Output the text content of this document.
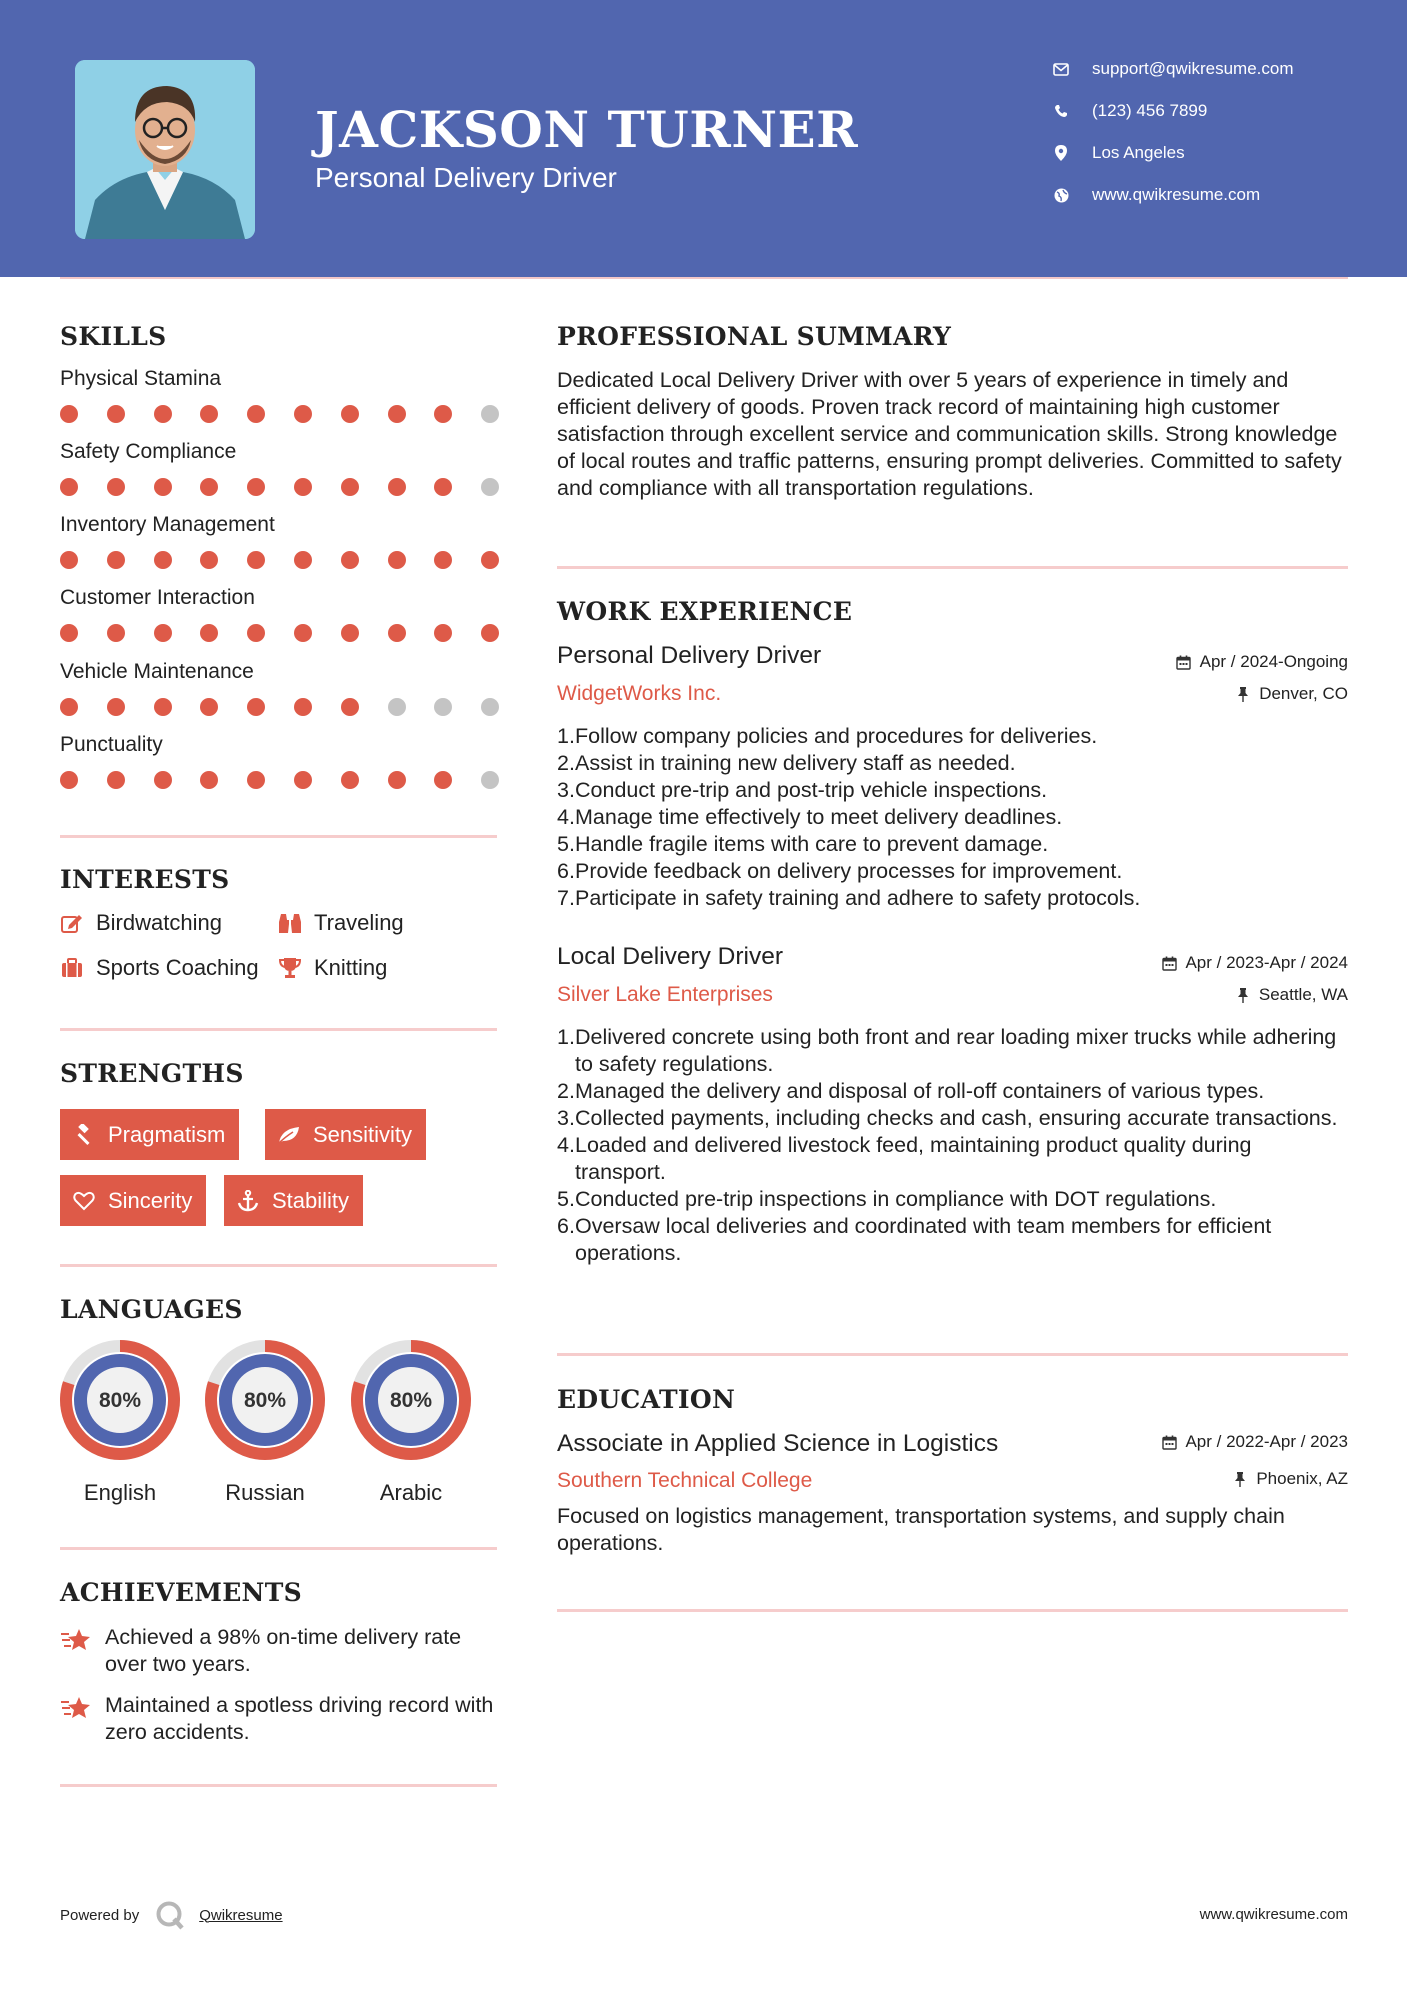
JACKSON TURNER
Personal Delivery Driver
support@qwikresume.com
(123) 456 7899
Los Angeles
www.qwikresume.com
SKILLS
Physical Stamina
Safety Compliance
Inventory Management
Customer Interaction
Vehicle Maintenance
Punctuality
INTERESTS
Birdwatching	Traveling
Sports Coaching	Knitting
STRENGTHS
Pragmatism	Sensitivity
Sincerity	Stability
LANGUAGES
80%
English
80%
Russian
80%
Arabic
ACHIEVEMENTS
Achieved a 98% on-time delivery rate over two years.
Maintained a spotless driving record with zero accidents.
PROFESSIONAL SUMMARY
Dedicated Local Delivery Driver with over 5 years of experience in timely and efficient delivery of goods. Proven track record of maintaining high customer satisfaction through excellent service and communication skills. Strong knowledge of local routes and traffic patterns, ensuring prompt deliveries. Committed to safety and compliance with all transportation regulations.
WORK EXPERIENCE
Personal Delivery Driver	Apr / 2024-Ongoing
WidgetWorks Inc.	Denver, CO
1. Follow company policies and procedures for deliveries.
2. Assist in training new delivery staff as needed.
3. Conduct pre-trip and post-trip vehicle inspections.
4. Manage time effectively to meet delivery deadlines.
5. Handle fragile items with care to prevent damage.
6. Provide feedback on delivery processes for improvement.
7. Participate in safety training and adhere to safety protocols.
Local Delivery Driver	Apr / 2023-Apr / 2024
Silver Lake Enterprises	Seattle, WA
1. Delivered concrete using both front and rear loading mixer trucks while adhering to safety regulations.
2. Managed the delivery and disposal of roll-off containers of various types.
3. Collected payments, including checks and cash, ensuring accurate transactions.
4. Loaded and delivered livestock feed, maintaining product quality during transport.
5. Conducted pre-trip inspections in compliance with DOT regulations.
6. Oversaw local deliveries and coordinated with team members for efficient operations.
EDUCATION
Associate in Applied Science in Logistics	Apr / 2022-Apr / 2023
Southern Technical College	Phoenix, AZ
Focused on logistics management, transportation systems, and supply chain operations.
Powered by	Qwikresume	www.qwikresume.com
